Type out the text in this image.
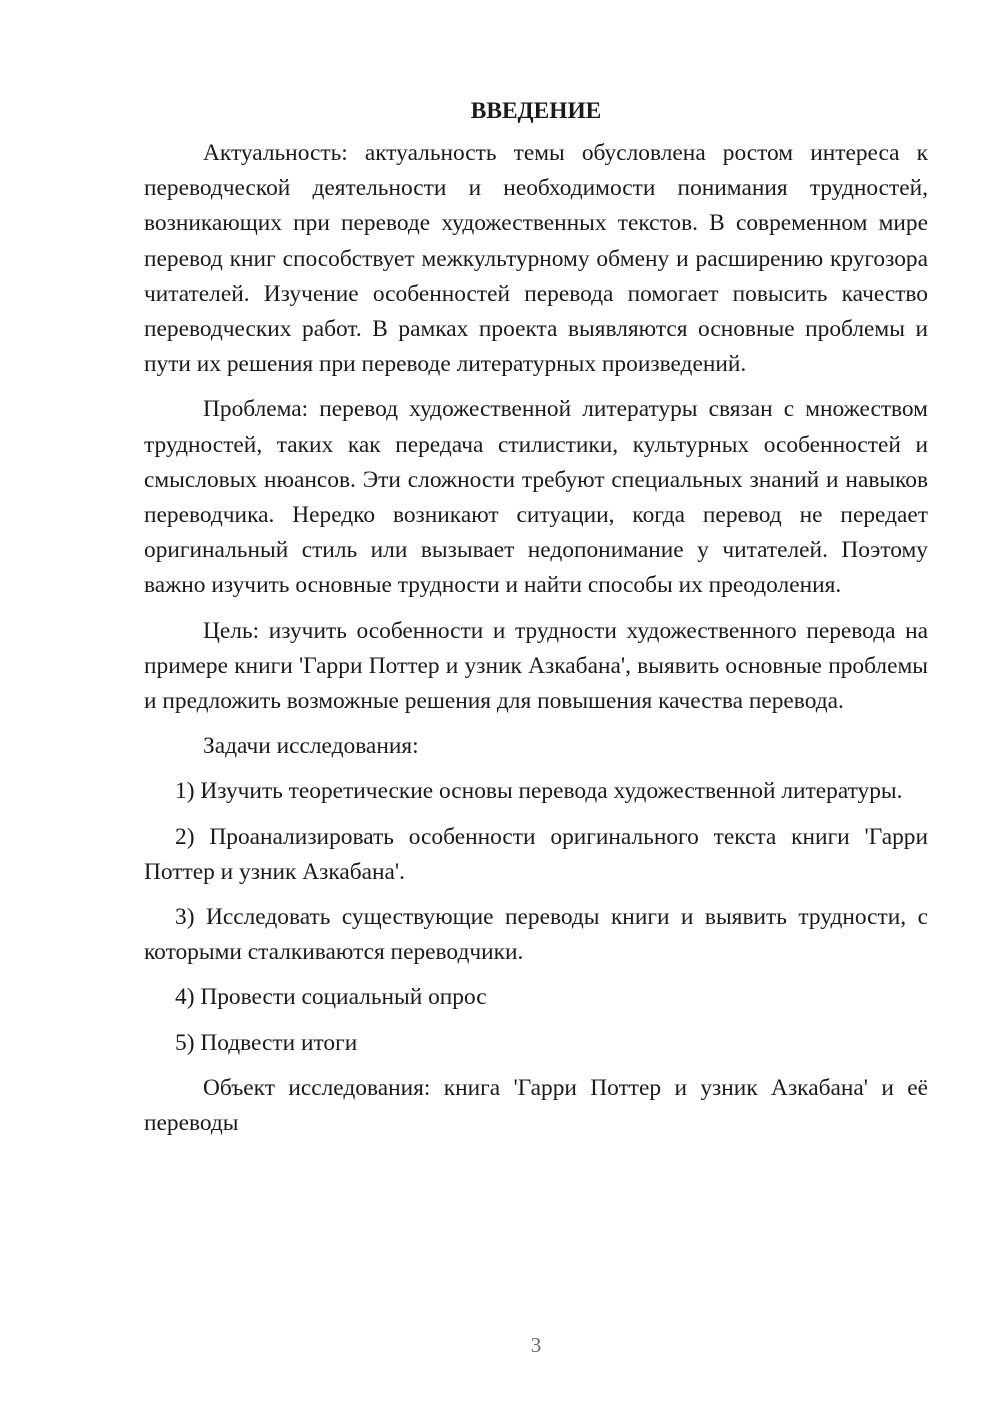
ВВЕДЕНИЕ

Актуальность: актуальность темы обусловлена ростом интереса к переводческой деятельности и необходимости понимания трудностей, возникающих при переводе художественных текстов. В современном мире перевод книг способствует межкультурному обмену и расширению кругозора читателей. Изучение особенностей перевода помогает повысить качество переводческих работ. В рамках проекта выявляются основные проблемы и пути их решения при переводе литературных произведений.

Проблема: перевод художественной литературы связан с множеством трудностей, таких как передача стилистики, культурных особенностей и смысловых нюансов. Эти сложности требуют специальных знаний и навыков переводчика. Нередко возникают ситуации, когда перевод не передает оригинальный стиль или вызывает недопонимание у читателей. Поэтому важно изучить основные трудности и найти способы их преодоления.

Цель: изучить особенности и трудности художественного перевода на примере книги 'Гарри Поттер и узник Азкабана', выявить основные проблемы и предложить возможные решения для повышения качества перевода.

Задачи исследования:

1) Изучить теоретические основы перевода художественной литературы.

2) Проанализировать особенности оригинального текста книги 'Гарри Поттер и узник Азкабана'.

3) Исследовать существующие переводы книги и выявить трудности, с которыми сталкиваются переводчики.

4) Провести социальный опрос

5) Подвести итоги

Объект исследования: книга 'Гарри Поттер и узник Азкабана' и её переводы

3
